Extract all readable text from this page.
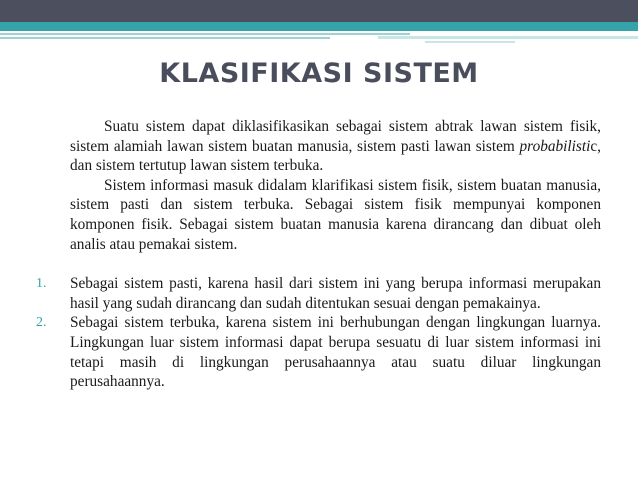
KLASIFIKASI SISTEM

Suatu sistem dapat diklasifikasikan sebagai sistem abtrak lawan sistem fisik, sistem alamiah lawan sistem buatan manusia, sistem pasti lawan sistem probabilistic, dan sistem tertutup lawan sistem terbuka.

Sistem informasi masuk didalam klarifikasi sistem fisik, sistem buatan manusia, sistem pasti dan sistem terbuka. Sebagai sistem fisik mempunyai komponen komponen fisik. Sebagai sistem buatan manusia karena dirancang dan dibuat oleh analis atau pemakai sistem.

1. Sebagai sistem pasti, karena hasil dari sistem ini yang berupa informasi merupakan hasil yang sudah dirancang dan sudah ditentukan sesuai dengan pemakainya.
2. Sebagai sistem terbuka, karena sistem ini berhubungan dengan lingkungan luarnya. Lingkungan luar sistem informasi dapat berupa sesuatu di luar sistem informasi ini tetapi masih di lingkungan perusahaannya atau suatu diluar lingkungan perusahaannya.
